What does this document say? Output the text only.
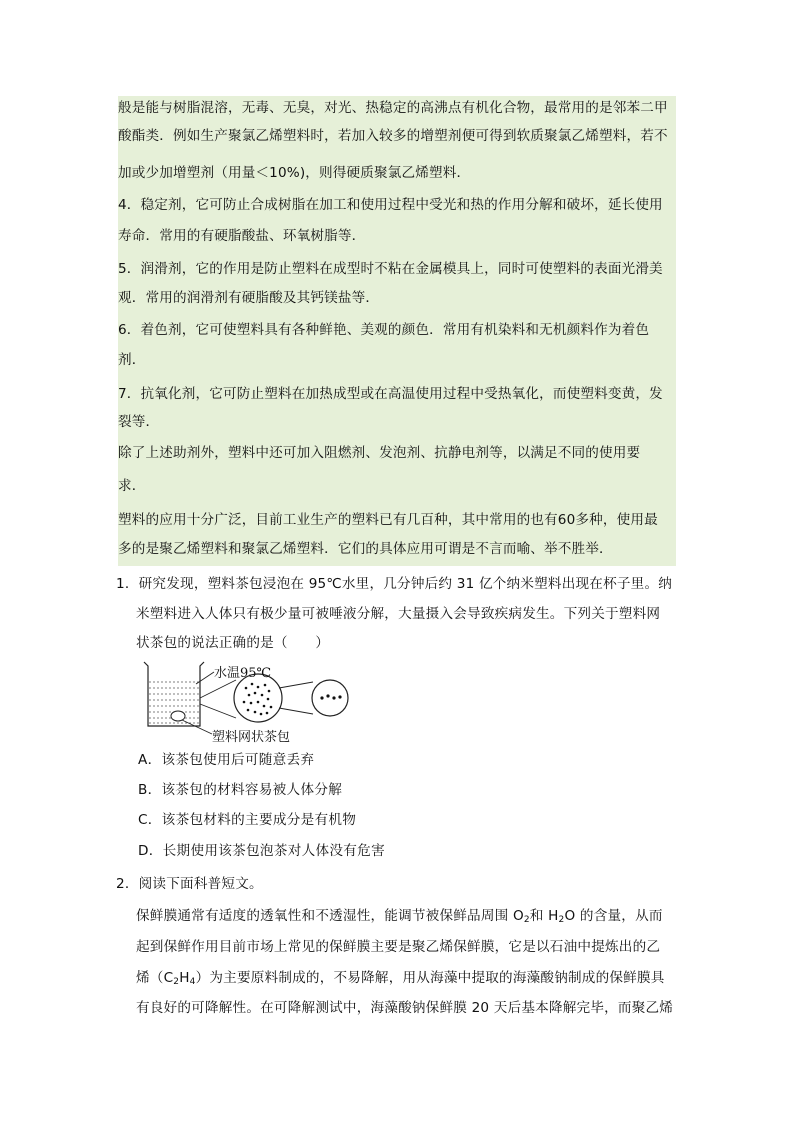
般是能与树脂混溶，无毒、无臭，对光、热稳定的高沸点有机化合物，最常用的是邻苯二甲
酸酯类．例如生产聚氯乙烯塑料时，若加入较多的增塑剂便可得到软质聚氯乙烯塑料，若不
加或少加增塑剂（用量＜10%)，则得硬质聚氯乙烯塑料．
4．稳定剂，它可防止合成树脂在加工和使用过程中受光和热的作用分解和破坏，延长使用
寿命．常用的有硬脂酸盐、环氧树脂等．
5．润滑剂，它的作用是防止塑料在成型时不粘在金属模具上，同时可使塑料的表面光滑美
观．常用的润滑剂有硬脂酸及其钙镁盐等．
6．着色剂，它可使塑料具有各种鲜艳、美观的颜色．常用有机染料和无机颜料作为着色
剂．
7．抗氧化剂，它可防止塑料在加热成型或在高温使用过程中受热氧化，而使塑料变黄，发
裂等．
除了上述助剂外，塑料中还可加入阻燃剂、发泡剂、抗静电剂等，以满足不同的使用要
求．
塑料的应用十分广泛，目前工业生产的塑料已有几百种，其中常用的也有60多种，使用最
多的是聚乙烯塑料和聚氯乙烯塑料．它们的具体应用可谓是不言而喻、举不胜举．
1．研究发现，塑料茶包浸泡在 95℃水里，几分钟后约 31 亿个纳米塑料出现在杯子里。纳
米塑料进入人体只有极少量可被唾液分解，大量摄入会导致疾病发生。下列关于塑料网
状茶包的说法正确的是（　　）
水温95℃
塑料网状茶包
A．该茶包使用后可随意丢弃
B．该茶包的材料容易被人体分解
C．该茶包材料的主要成分是有机物
D．长期使用该茶包泡茶对人体没有危害
2．阅读下面科普短文。
保鲜膜通常有适度的透氧性和不透湿性，能调节被保鲜品周围 $O_2$和 $H_2O$ 的含量，从而
起到保鲜作用目前市场上常见的保鲜膜主要是聚乙烯保鲜膜，它是以石油中提炼出的乙
烯$(C_2H_4)$为主要原料制成的，不易降解，用从海藻中提取的海藻酸钠制成的保鲜膜具
有良好的可降解性。在可降解测试中，海藻酸钠保鲜膜 20 天后基本降解完毕，而聚乙烯
